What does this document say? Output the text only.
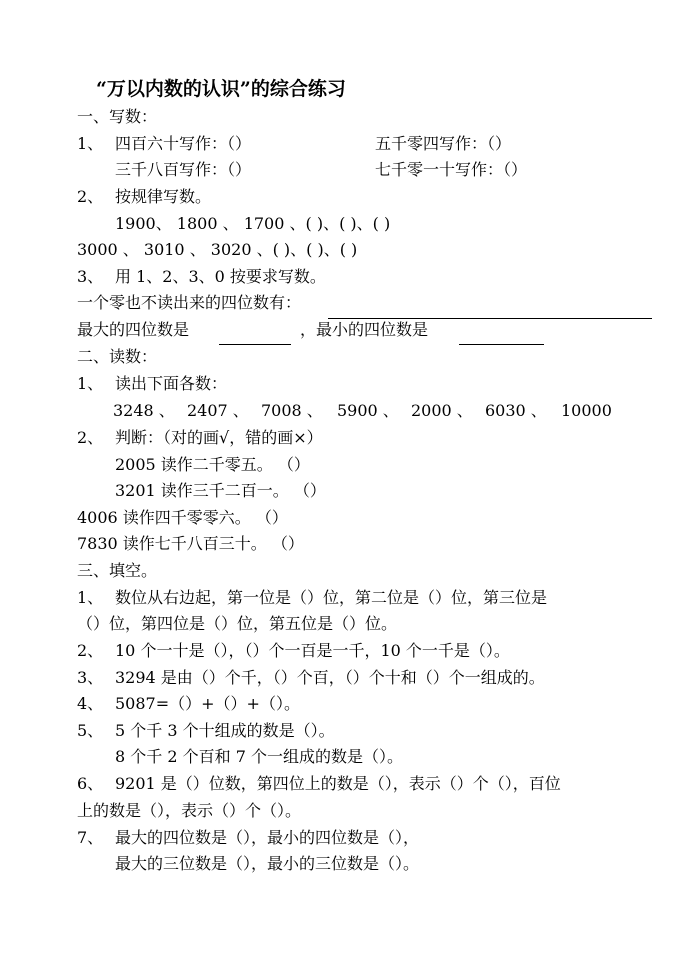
“万以内数的认识”的综合练习
一、写数：
1、 四百六十写作：（）	五千零四写作：（）
三千八百写作：（）	七千零一十写作：（）
2、 按规律写数。
1900、 1800 、 1700 、( )、( )、( )
3000 、 3010 、 3020 、( )、( )、( )
3、 用 1、2、3、0 按要求写数。
一个零也不读出来的四位数有：
最大的四位数是	，最小的四位数是
二、读数：
1、 读出下面各数：
3248 、 2407 、 7008 、 5900 、 2000 、 6030 、 10000
2、 判断：（对的画√，错的画×）
2005 读作二千零五。 （）
3201 读作三千二百一。 （）
4006 读作四千零零六。 （）
7830 读作七千八百三十。 （）
三、填空。
1、 数位从右边起，第一位是（）位，第二位是（）位，第三位是
（）位，第四位是（）位，第五位是（）位。
2、 10 个一十是（），（）个一百是一千，10 个一千是（）。
3、 3294 是由（）个千，（）个百，（）个十和（）个一组成的。
4、 5087=（）+（）+（）。
5、 5 个千 3 个十组成的数是（）。
8 个千 2 个百和 7 个一组成的数是（）。
6、 9201 是（）位数，第四位上的数是（），表示（）个（），百位
上的数是（），表示（）个（）。
7、 最大的四位数是（），最小的四位数是（），
最大的三位数是（），最小的三位数是（）。
